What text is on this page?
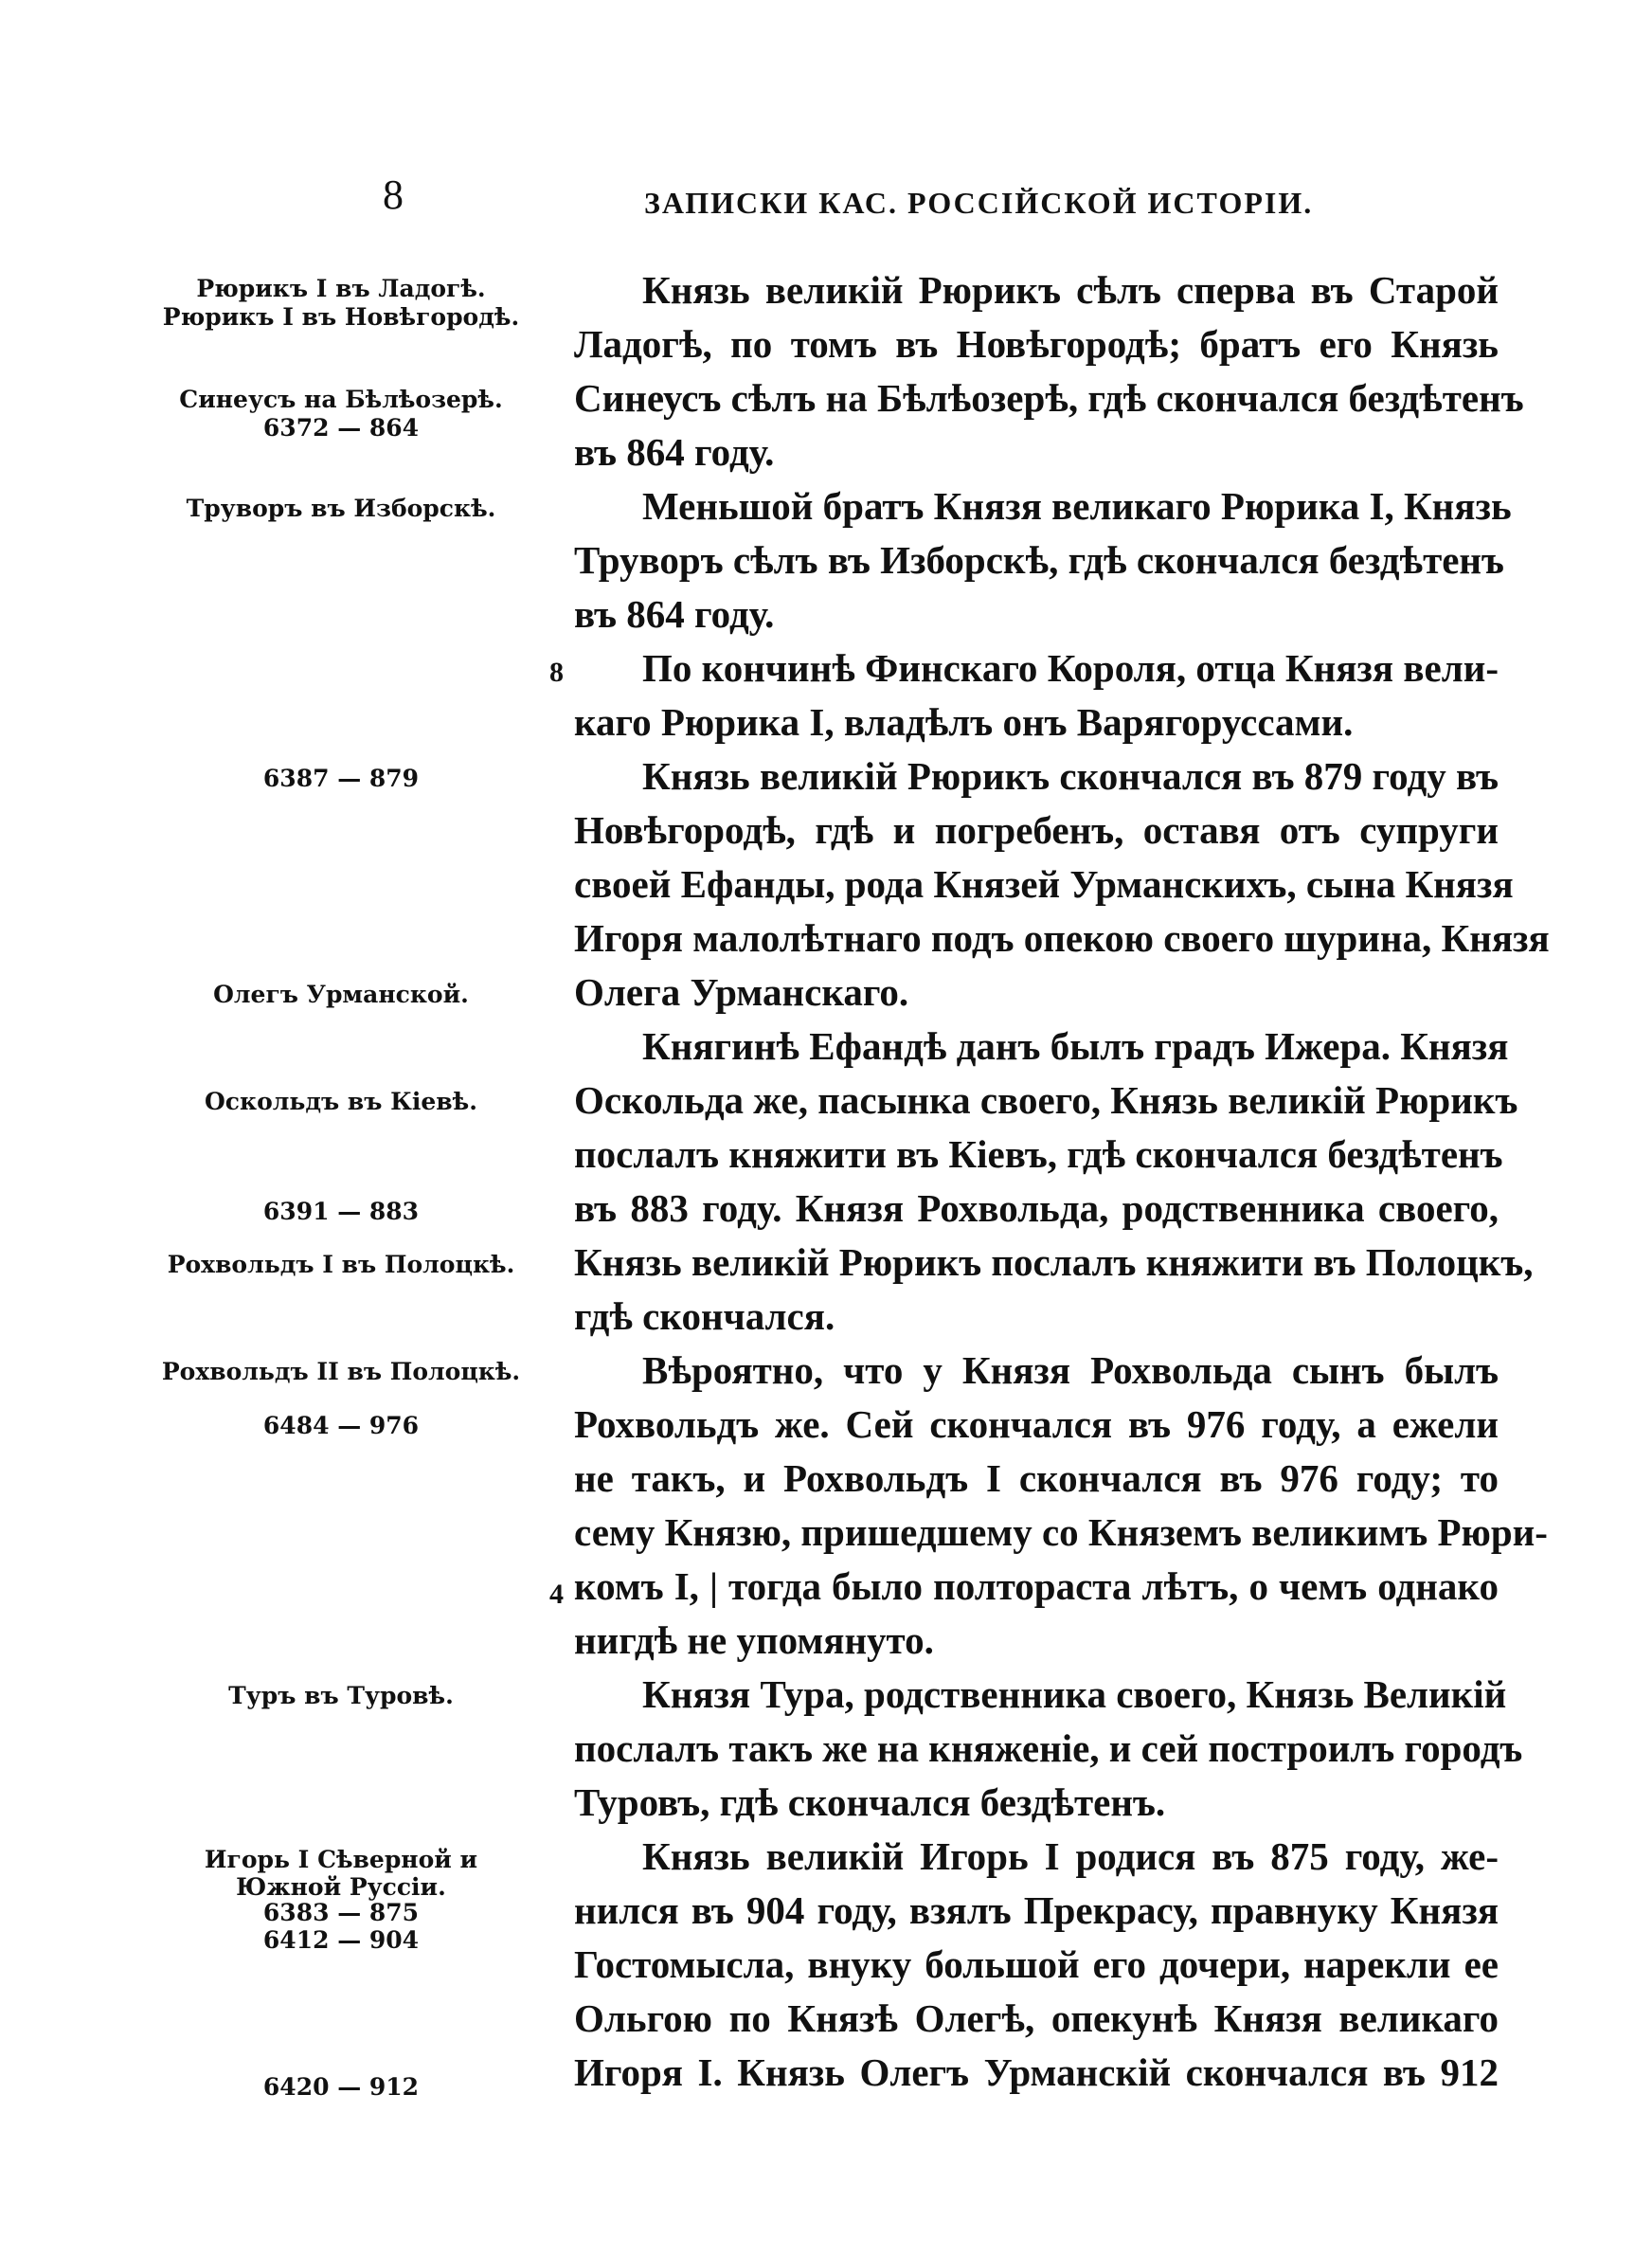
8	ЗАПИСКИ КАС. РОССІЙСКОЙ ИСТОРІИ.
Рюрикъ I въ Ладогѣ.
Рюрикъ I въ Новѣгородѣ.
Синеусъ на Бѣлѣозерѣ.
6372 — 864
Труворъ въ Изборскѣ.
6387 — 879
Олегъ Урманской.
Оскольдъ въ Кіевѣ.
6391 — 883
Рохвольдъ I въ Полоцкѣ.
Рохвольдъ II въ Полоцкѣ.
6484 — 976
Туръ въ Туровѣ.
Игорь I Сѣверной и
Южной Руссіи.
6383 — 875
6412 — 904
6420 — 912
8
4
Князь великій Рюрикъ сѣлъ сперва въ Старой
Ладогѣ, по томъ въ Новѣгородѣ; братъ его Князь
Синеусъ сѣлъ на Бѣлѣозерѣ, гдѣ скончался бездѣтенъ
въ 864 году.
Меньшой братъ Князя великаго Рюрика I, Князь
Труворъ сѣлъ въ Изборскѣ, гдѣ скончался бездѣтенъ
въ 864 году.
По кончинѣ Финскаго Короля, отца Князя вели-
каго Рюрика I, владѣлъ онъ Варягоруссами.
Князь великій Рюрикъ скончался въ 879 году въ
Новѣгородѣ, гдѣ и погребенъ, оставя отъ супруги
своей Ефанды, рода Князей Урманскихъ, сына Князя
Игоря малолѣтнаго подъ опекою своего шурина, Князя
Олега Урманскаго.
Княгинѣ Ефандѣ данъ былъ градъ Ижера. Князя
Оскольда же, пасынка своего, Князь великій Рюрикъ
послалъ княжити въ Кіевъ, гдѣ скончался бездѣтенъ
въ 883 году. Князя Рохвольда, родственника своего,
Князь великій Рюрикъ послалъ княжити въ Полоцкъ,
гдѣ скончался.
Вѣроятно, что у Князя Рохвольда сынъ былъ
Рохвольдъ же. Сей скончался въ 976 году, а ежели
не такъ, и Рохвольдъ I скончался въ 976 году; то
сему Князю, пришедшему со Княземъ великимъ Рюри-
комъ I, | тогда было полтораста лѣтъ, о чемъ однако
нигдѣ не упомянуто.
Князя Тура, родственника своего, Князь Великій
послалъ такъ же на княженіе, и сей построилъ городъ
Туровъ, гдѣ скончался бездѣтенъ.
Князь великій Игорь I родися въ 875 году, же-
нился въ 904 году, взялъ Прекрасу, правнуку Князя
Гостомысла, внуку большой его дочери, нарекли ее
Ольгою по Князѣ Олегѣ, опекунѣ Князя великаго
Игоря I. Князь Олегъ Урманскій скончался въ 912
